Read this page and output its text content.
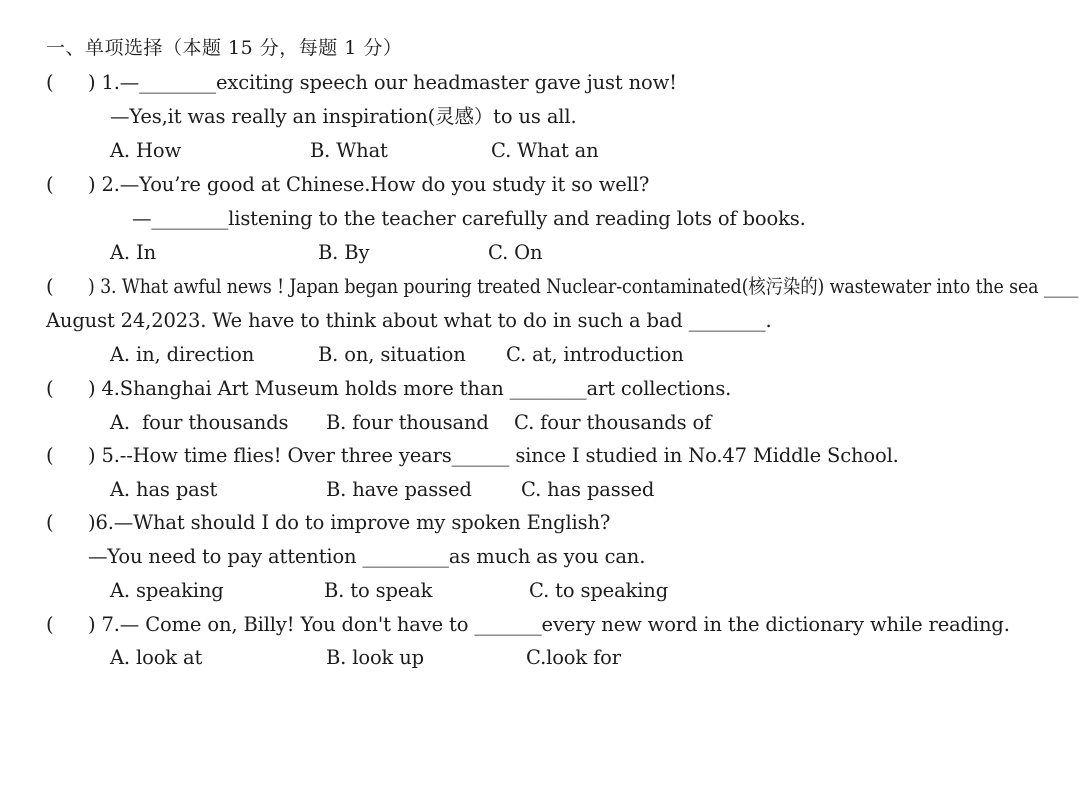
一、单项选择（本题 15 分，每题 1 分）

(

) 1.—________exciting speech our headmaster gave just now!

—Yes,it was really an inspiration(灵感）to us all.

A. How

	B. What

	C. What an

(

) 2.—You’re good at Chinese.How do you study it so well?

—________listening to the teacher carefully and reading lots of books.

A. In

	B. By

	C. On

(

) 3. What awful news ! Japan began pouring treated Nuclear-contaminated(核污染的) wastewater into the sea ____

August 24,2023. We have to think about what to do in such a bad ________.

A. in, direction

	B. on, situation

C. at, introduction

(

) 4.Shanghai Art Museum holds more than ________art collections.

A.  four thousands

B. four thousand

C. four thousands of

(

) 5.--How time flies! Over three years______ since I studied in No.47 Middle School.

A. has past

	B. have passed

	C. has passed

(

)6.—What should I do to improve my spoken English?

—You need to pay attention _________as much as you can.

A. speaking

	B. to speak

	C. to speaking

(

) 7.— Come on, Billy! You don't have to _______every new word in the dictionary while reading.

A. look at

	B. look up

	C.look for
